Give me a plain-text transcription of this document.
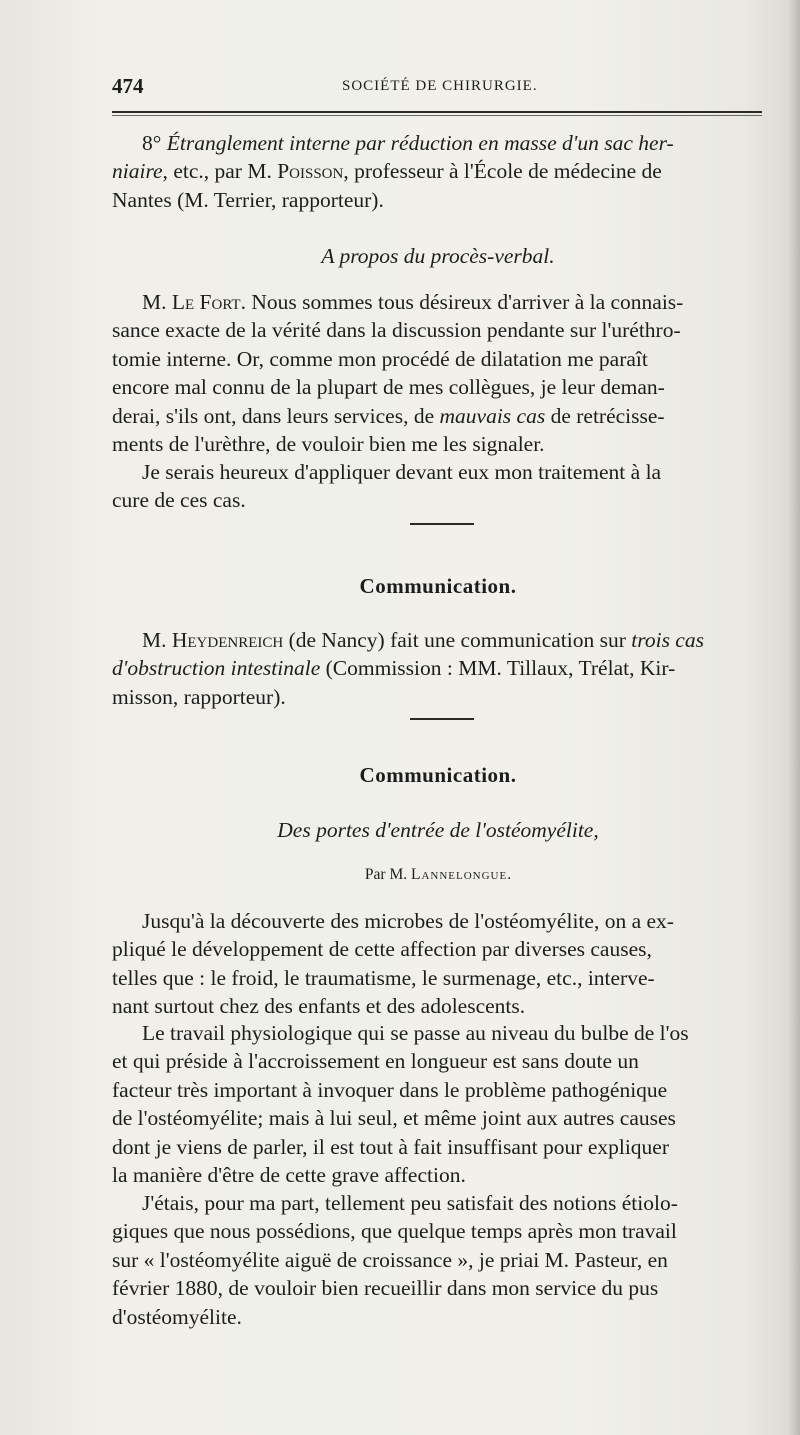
474	SOCIÉTÉ DE CHIRURGIE.
8° Étranglement interne par réduction en masse d'un sac her-
niaire, etc., par M. Poisson, professeur à l'École de médecine de
Nantes (M. Terrier, rapporteur).
A propos du procès-verbal.
M. Le Fort. Nous sommes tous désireux d'arriver à la connais-
sance exacte de la vérité dans la discussion pendante sur l'uréthro-
tomie interne. Or, comme mon procédé de dilatation me paraît
encore mal connu de la plupart de mes collègues, je leur deman-
derai, s'ils ont, dans leurs services, de mauvais cas de retrécisse-
ments de l'urèthre, de vouloir bien me les signaler.
Je serais heureux d'appliquer devant eux mon traitement à la
cure de ces cas.
Communication.
M. Heydenreich (de Nancy) fait une communication sur trois cas
d'obstruction intestinale (Commission : MM. Tillaux, Trélat, Kir-
misson, rapporteur).
Communication.
Des portes d'entrée de l'ostéomyélite,
Par M. Lannelongue.
Jusqu'à la découverte des microbes de l'ostéomyélite, on a ex-
pliqué le développement de cette affection par diverses causes,
telles que : le froid, le traumatisme, le surmenage, etc., interve-
nant surtout chez des enfants et des adolescents.
Le travail physiologique qui se passe au niveau du bulbe de l'os
et qui préside à l'accroissement en longueur est sans doute un
facteur très important à invoquer dans le problème pathogénique
de l'ostéomyélite; mais à lui seul, et même joint aux autres causes
dont je viens de parler, il est tout à fait insuffisant pour expliquer
la manière d'être de cette grave affection.
J'étais, pour ma part, tellement peu satisfait des notions étiolo-
giques que nous possédions, que quelque temps après mon travail
sur « l'ostéomyélite aiguë de croissance », je priai M. Pasteur, en
février 1880, de vouloir bien recueillir dans mon service du pus
d'ostéomyélite.
